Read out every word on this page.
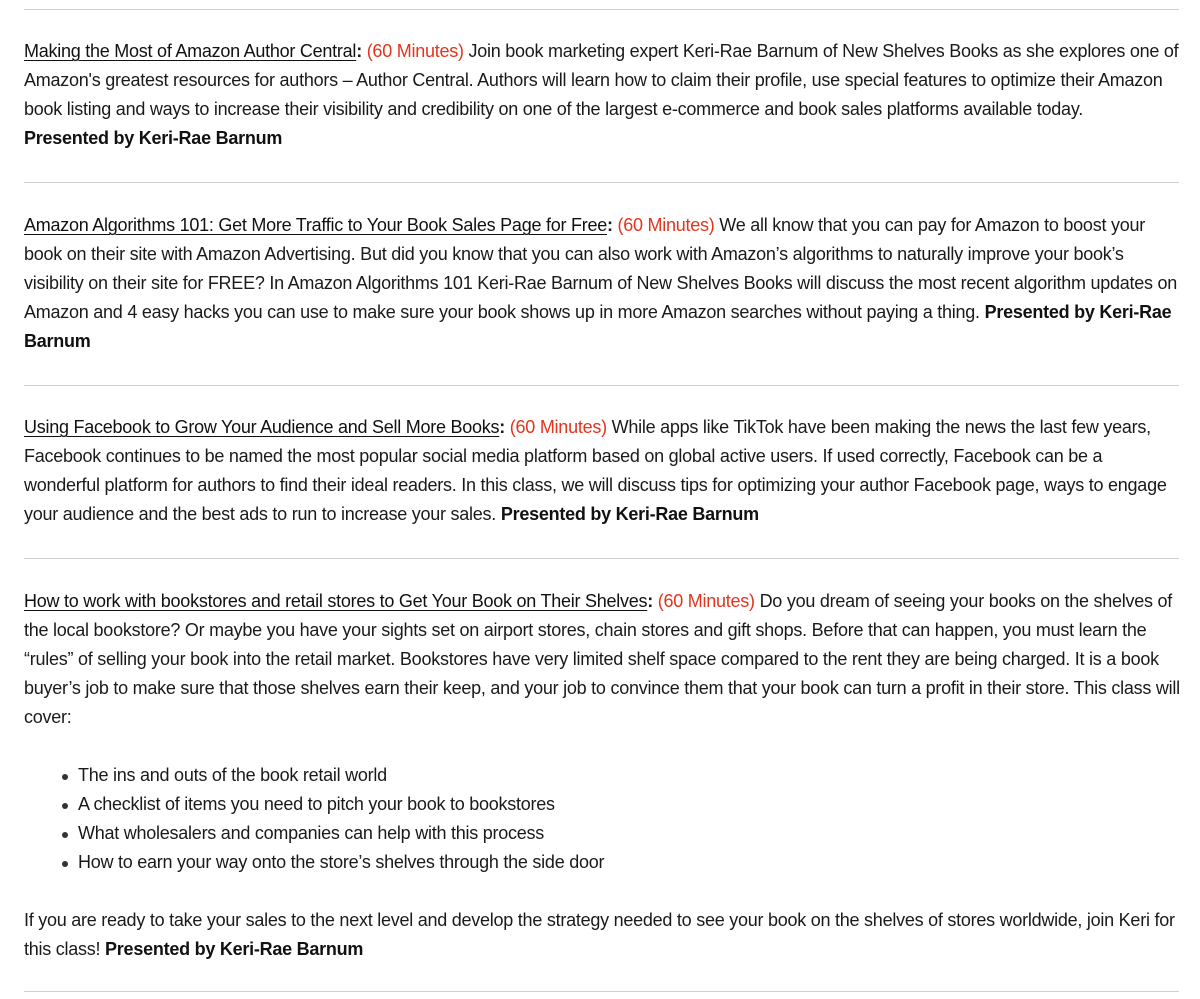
Making the Most of Amazon Author Central: (60 Minutes) Join book marketing expert Keri-Rae Barnum of New Shelves Books as she explores one of Amazon's greatest resources for authors – Author Central. Authors will learn how to claim their profile, use special features to optimize their Amazon book listing and ways to increase their visibility and credibility on one of the largest e-commerce and book sales platforms available today.
Presented by Keri-Rae Barnum

Amazon Algorithms 101: Get More Traffic to Your Book Sales Page for Free: (60 Minutes) We all know that you can pay for Amazon to boost your book on their site with Amazon Advertising. But did you know that you can also work with Amazon’s algorithms to naturally improve your book’s visibility on their site for FREE? In Amazon Algorithms 101 Keri-Rae Barnum of New Shelves Books will discuss the most recent algorithm updates on Amazon and 4 easy hacks you can use to make sure your book shows up in more Amazon searches without paying a thing. Presented by Keri-Rae Barnum

Using Facebook to Grow Your Audience and Sell More Books: (60 Minutes) While apps like TikTok have been making the news the last few years, Facebook continues to be named the most popular social media platform based on global active users. If used correctly, Facebook can be a wonderful platform for authors to find their ideal readers. In this class, we will discuss tips for optimizing your author Facebook page, ways to engage your audience and the best ads to run to increase your sales. Presented by Keri-Rae Barnum

How to work with bookstores and retail stores to Get Your Book on Their Shelves: (60 Minutes) Do you dream of seeing your books on the shelves of the local bookstore? Or maybe you have your sights set on airport stores, chain stores and gift shops. Before that can happen, you must learn the “rules” of selling your book into the retail market. Bookstores have very limited shelf space compared to the rent they are being charged. It is a book buyer’s job to make sure that those shelves earn their keep, and your job to convince them that your book can turn a profit in their store. This class will cover:

The ins and outs of the book retail world
A checklist of items you need to pitch your book to bookstores
What wholesalers and companies can help with this process
How to earn your way onto the store’s shelves through the side door

If you are ready to take your sales to the next level and develop the strategy needed to see your book on the shelves of stores worldwide, join Keri for this class! Presented by Keri-Rae Barnum
